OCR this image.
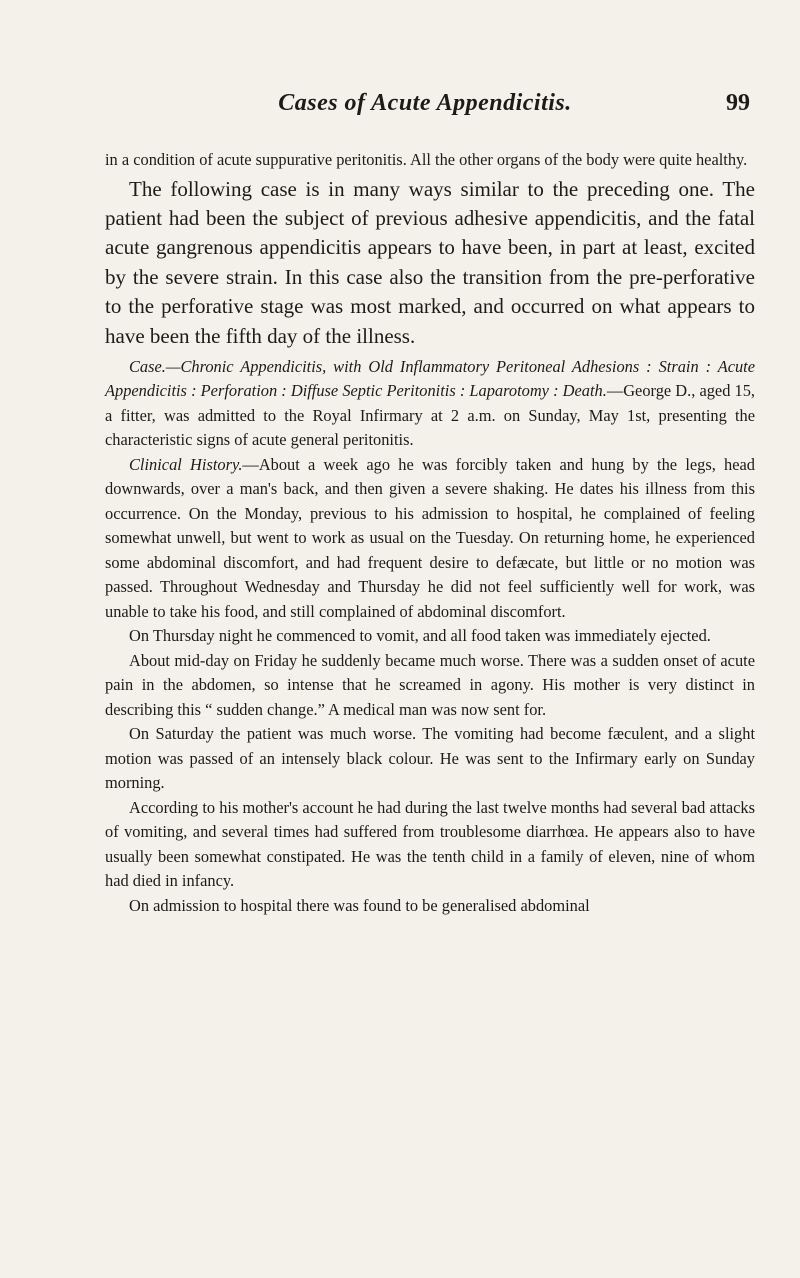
Cases of Acute Appendicitis.	99

in a condition of acute suppurative peritonitis. All the other organs of the body were quite healthy.

The following case is in many ways similar to the preceding one. The patient had been the subject of previous adhesive appendicitis, and the fatal acute gangrenous appendicitis appears to have been, in part at least, excited by the severe strain. In this case also the transition from the pre-perforative to the perforative stage was most marked, and occurred on what appears to have been the fifth day of the illness.

Case.—Chronic Appendicitis, with Old Inflammatory Peritoneal Adhesions : Strain : Acute Appendicitis : Perforation : Diffuse Septic Peritonitis : Laparotomy : Death.—George D., aged 15, a fitter, was admitted to the Royal Infirmary at 2 a.m. on Sunday, May 1st, presenting the characteristic signs of acute general peritonitis.

Clinical History.—About a week ago he was forcibly taken and hung by the legs, head downwards, over a man's back, and then given a severe shaking. He dates his illness from this occurrence. On the Monday, previous to his admission to hospital, he complained of feeling somewhat unwell, but went to work as usual on the Tuesday. On returning home, he experienced some abdominal discomfort, and had frequent desire to defæcate, but little or no motion was passed. Throughout Wednesday and Thursday he did not feel sufficiently well for work, was unable to take his food, and still complained of abdominal discomfort.

On Thursday night he commenced to vomit, and all food taken was immediately ejected.

About mid-day on Friday he suddenly became much worse. There was a sudden onset of acute pain in the abdomen, so intense that he screamed in agony. His mother is very distinct in describing this “ sudden change.” A medical man was now sent for.

On Saturday the patient was much worse. The vomiting had become fæculent, and a slight motion was passed of an intensely black colour. He was sent to the Infirmary early on Sunday morning.

According to his mother's account he had during the last twelve months had several bad attacks of vomiting, and several times had suffered from troublesome diarrhœa. He appears also to have usually been somewhat constipated. He was the tenth child in a family of eleven, nine of whom had died in infancy.

On admission to hospital there was found to be generalised abdominal
